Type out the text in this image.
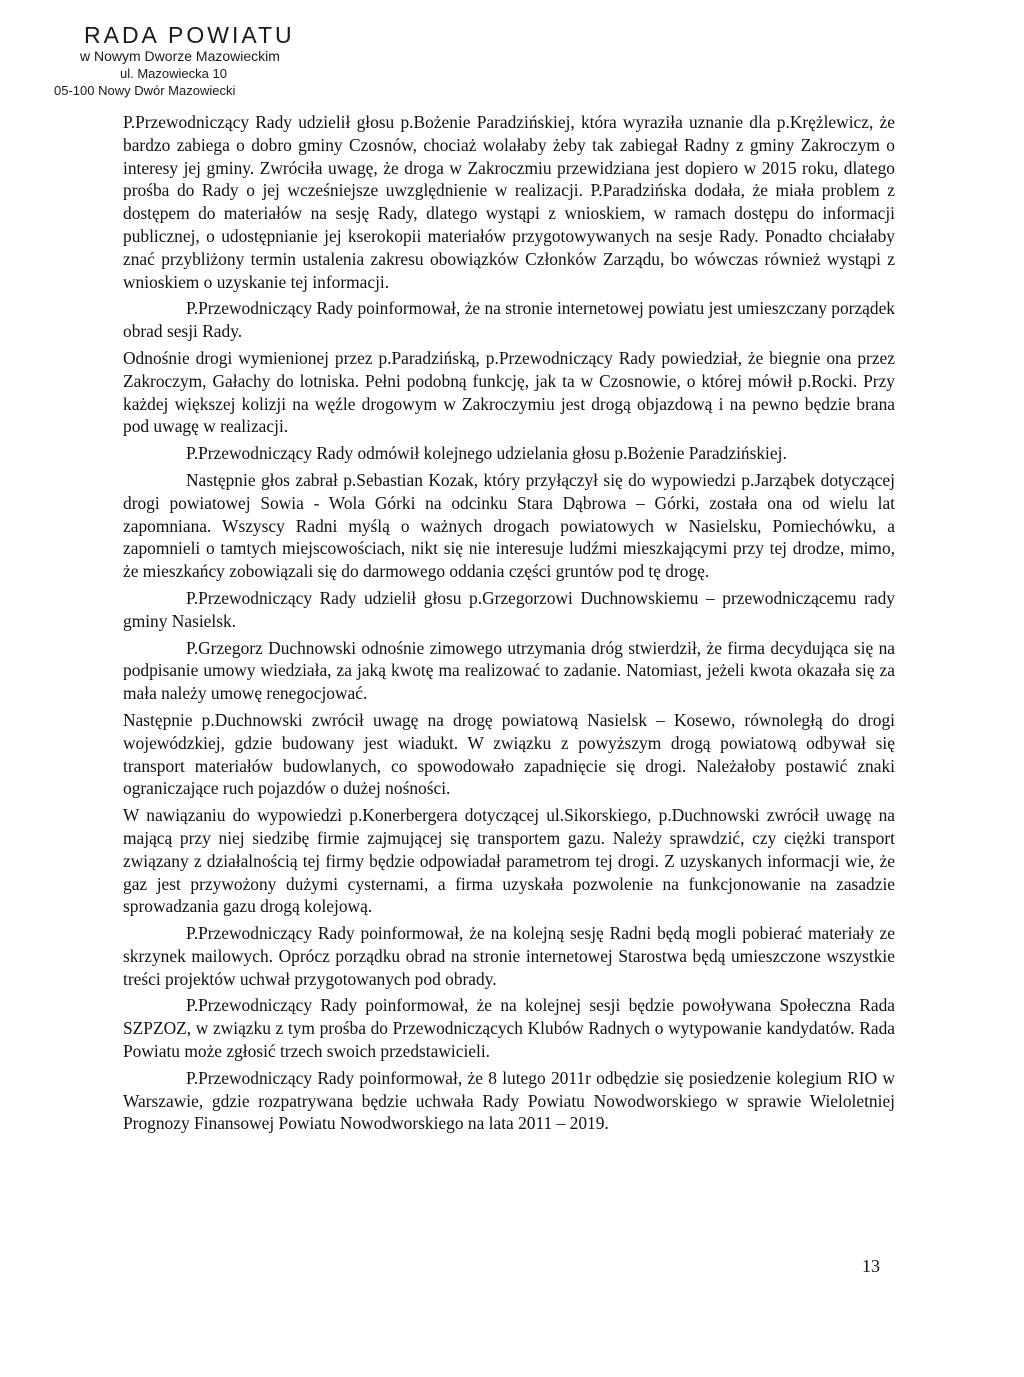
RADA POWIATU
w Nowym Dworze Mazowieckim
ul. Mazowiecka 10
05-100 Nowy Dwór Mazowiecki

P.Przewodniczący Rady udzielił głosu p.Bożenie Paradzińskiej, która wyraziła uznanie dla p.Krężlewicz, że bardzo zabiega o dobro gminy Czosnów, chociaż wolałaby żeby tak zabiegał Radny z gminy Zakroczym o interesy jej gminy. Zwróciła uwagę, że droga w Zakroczmiu przewidziana jest dopiero w 2015 roku, dlatego prośba do Rady o jej wcześniejsze uwzględnienie w realizacji. P.Paradzińska dodała, że miała problem z dostępem do materiałów na sesję Rady, dlatego wystąpi z wnioskiem, w ramach dostępu do informacji publicznej, o udostępnianie jej kserokopii materiałów przygotowywanych na sesje Rady. Ponadto chciałaby znać przybliżony termin ustalenia zakresu obowiązków Członków Zarządu, bo wówczas również wystąpi z wnioskiem o uzyskanie tej informacji.

P.Przewodniczący Rady poinformował, że na stronie internetowej powiatu jest umieszczany porządek obrad sesji Rady.

Odnośnie drogi wymienionej przez p.Paradzińską, p.Przewodniczący Rady powiedział, że biegnie ona przez Zakroczym, Gałachy do lotniska. Pełni podobną funkcję, jak ta w Czosnowie, o której mówił p.Rocki. Przy każdej większej kolizji na węźle drogowym w Zakroczymiu jest drogą objazdową i na pewno będzie brana pod uwagę w realizacji.

P.Przewodniczący Rady odmówił kolejnego udzielania głosu p.Bożenie Paradzińskiej.

Następnie głos zabrał p.Sebastian Kozak, który przyłączył się do wypowiedzi p.Jarząbek dotyczącej drogi powiatowej Sowia - Wola Górki na odcinku Stara Dąbrowa – Górki, została ona od wielu lat zapomniana. Wszyscy Radni myślą o ważnych drogach powiatowych w Nasielsku, Pomiechówku, a zapomnieli o tamtych miejscowościach, nikt się nie interesuje ludźmi mieszkającymi przy tej drodze, mimo, że mieszkańcy zobowiązali się do darmowego oddania części gruntów pod tę drogę.

P.Przewodniczący Rady udzielił głosu p.Grzegorzowi Duchnowskiemu – przewodniczącemu rady gminy Nasielsk.

P.Grzegorz Duchnowski odnośnie zimowego utrzymania dróg stwierdził, że firma decydująca się na podpisanie umowy wiedziała, za jaką kwotę ma realizować to zadanie. Natomiast, jeżeli kwota okazała się za mała należy umowę renegocjować.

Następnie p.Duchnowski zwrócił uwagę na drogę powiatową Nasielsk – Kosewo, równoległą do drogi wojewódzkiej, gdzie budowany jest wiadukt. W związku z powyższym drogą powiatową odbywał się transport materiałów budowlanych, co spowodowało zapadnięcie się drogi. Należałoby postawić znaki ograniczające ruch pojazdów o dużej nośności.

W nawiązaniu do wypowiedzi p.Konerbergera dotyczącej ul.Sikorskiego, p.Duchnowski zwrócił uwagę na mającą przy niej siedzibę firmie zajmującej się transportem gazu. Należy sprawdzić, czy ciężki transport związany z działalnością tej firmy będzie odpowiadał parametrom tej drogi. Z uzyskanych informacji wie, że gaz jest przywożony dużymi cysternami, a firma uzyskała pozwolenie na funkcjonowanie na zasadzie sprowadzania gazu drogą kolejową.

P.Przewodniczący Rady poinformował, że na kolejną sesję Radni będą mogli pobierać materiały ze skrzynek mailowych. Oprócz porządku obrad na stronie internetowej Starostwa będą umieszczone wszystkie treści projektów uchwał przygotowanych pod obrady.

P.Przewodniczący Rady poinformował, że na kolejnej sesji będzie powoływana Społeczna Rada SZPZOZ, w związku z tym prośba do Przewodniczących Klubów Radnych o wytypowanie kandydatów. Rada Powiatu może zgłosić trzech swoich przedstawicieli.

P.Przewodniczący Rady poinformował, że 8 lutego 2011r odbędzie się posiedzenie kolegium RIO w Warszawie, gdzie rozpatrywana będzie uchwała Rady Powiatu Nowodworskiego w sprawie Wieloletniej Prognozy Finansowej Powiatu Nowodworskiego na lata 2011 – 2019.

13
